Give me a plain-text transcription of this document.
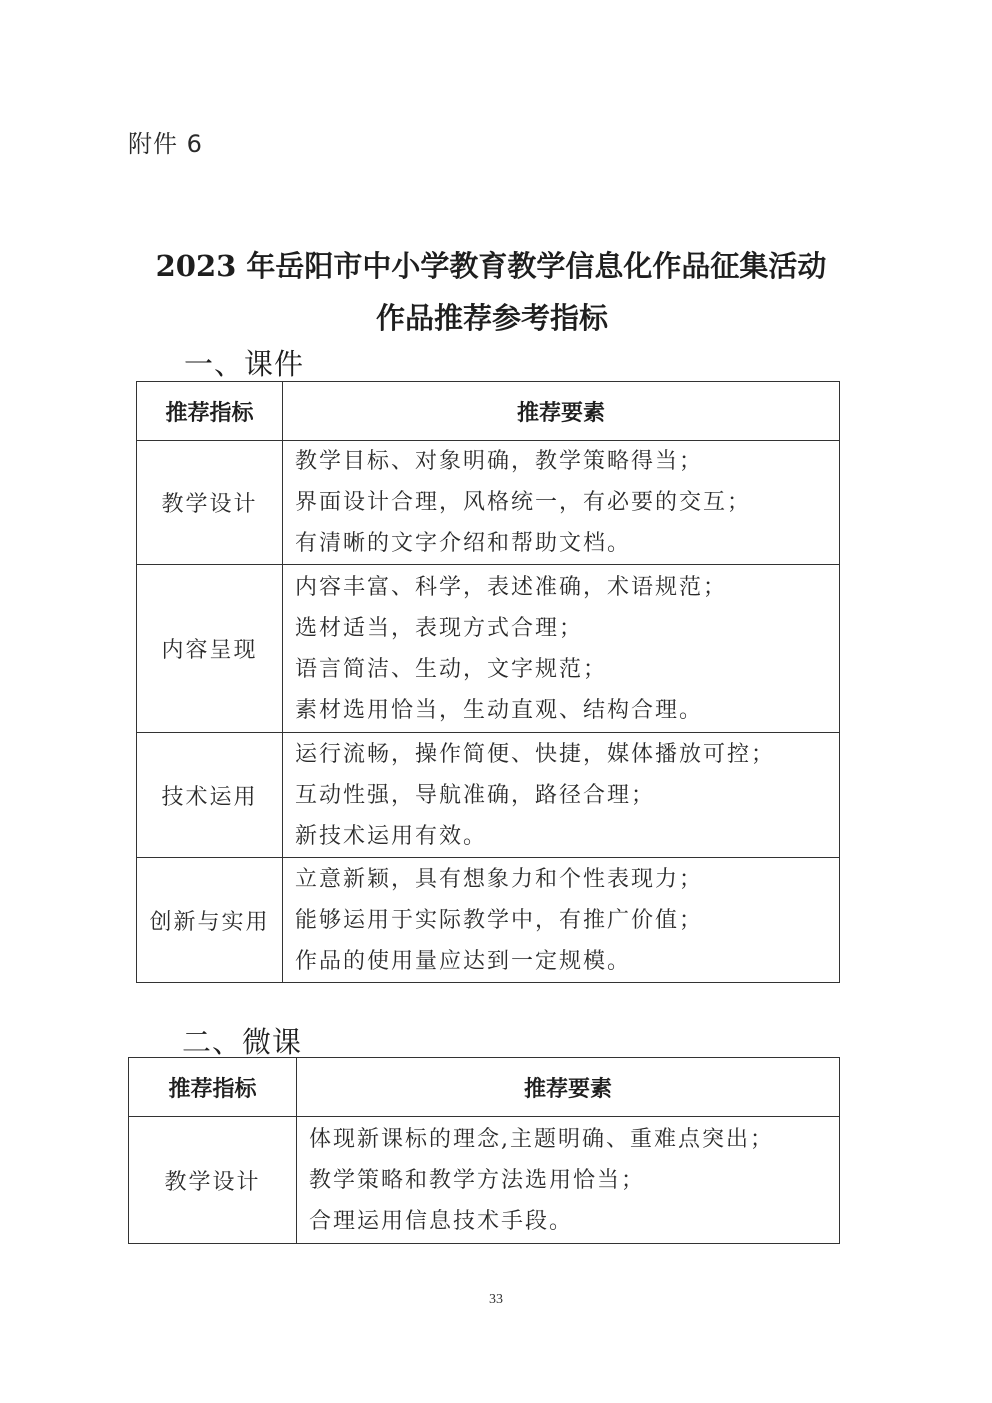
附件 6
2023 年岳阳市中小学教育教学信息化作品征集活动
作品推荐参考指标
一、课件
推荐指标	推荐要素
教学设计	教学目标、对象明确，教学策略得当；
界面设计合理，风格统一，有必要的交互；
有清晰的文字介绍和帮助文档。

内容呈现	内容丰富、科学，表述准确，术语规范；
选材适当，表现方式合理；
语言简洁、生动，文字规范；
素材选用恰当，生动直观、结构合理。

技术运用	运行流畅，操作简便、快捷，媒体播放可控；
互动性强，导航准确，路径合理；
新技术运用有效。

创新与实用	立意新颖，具有想象力和个性表现力；
能够运用于实际教学中，有推广价值；
作品的使用量应达到一定规模。
二、微课
推荐指标	推荐要素
教学设计	体现新课标的理念,主题明确、重难点突出；
教学策略和教学方法选用恰当；
合理运用信息技术手段。
33
